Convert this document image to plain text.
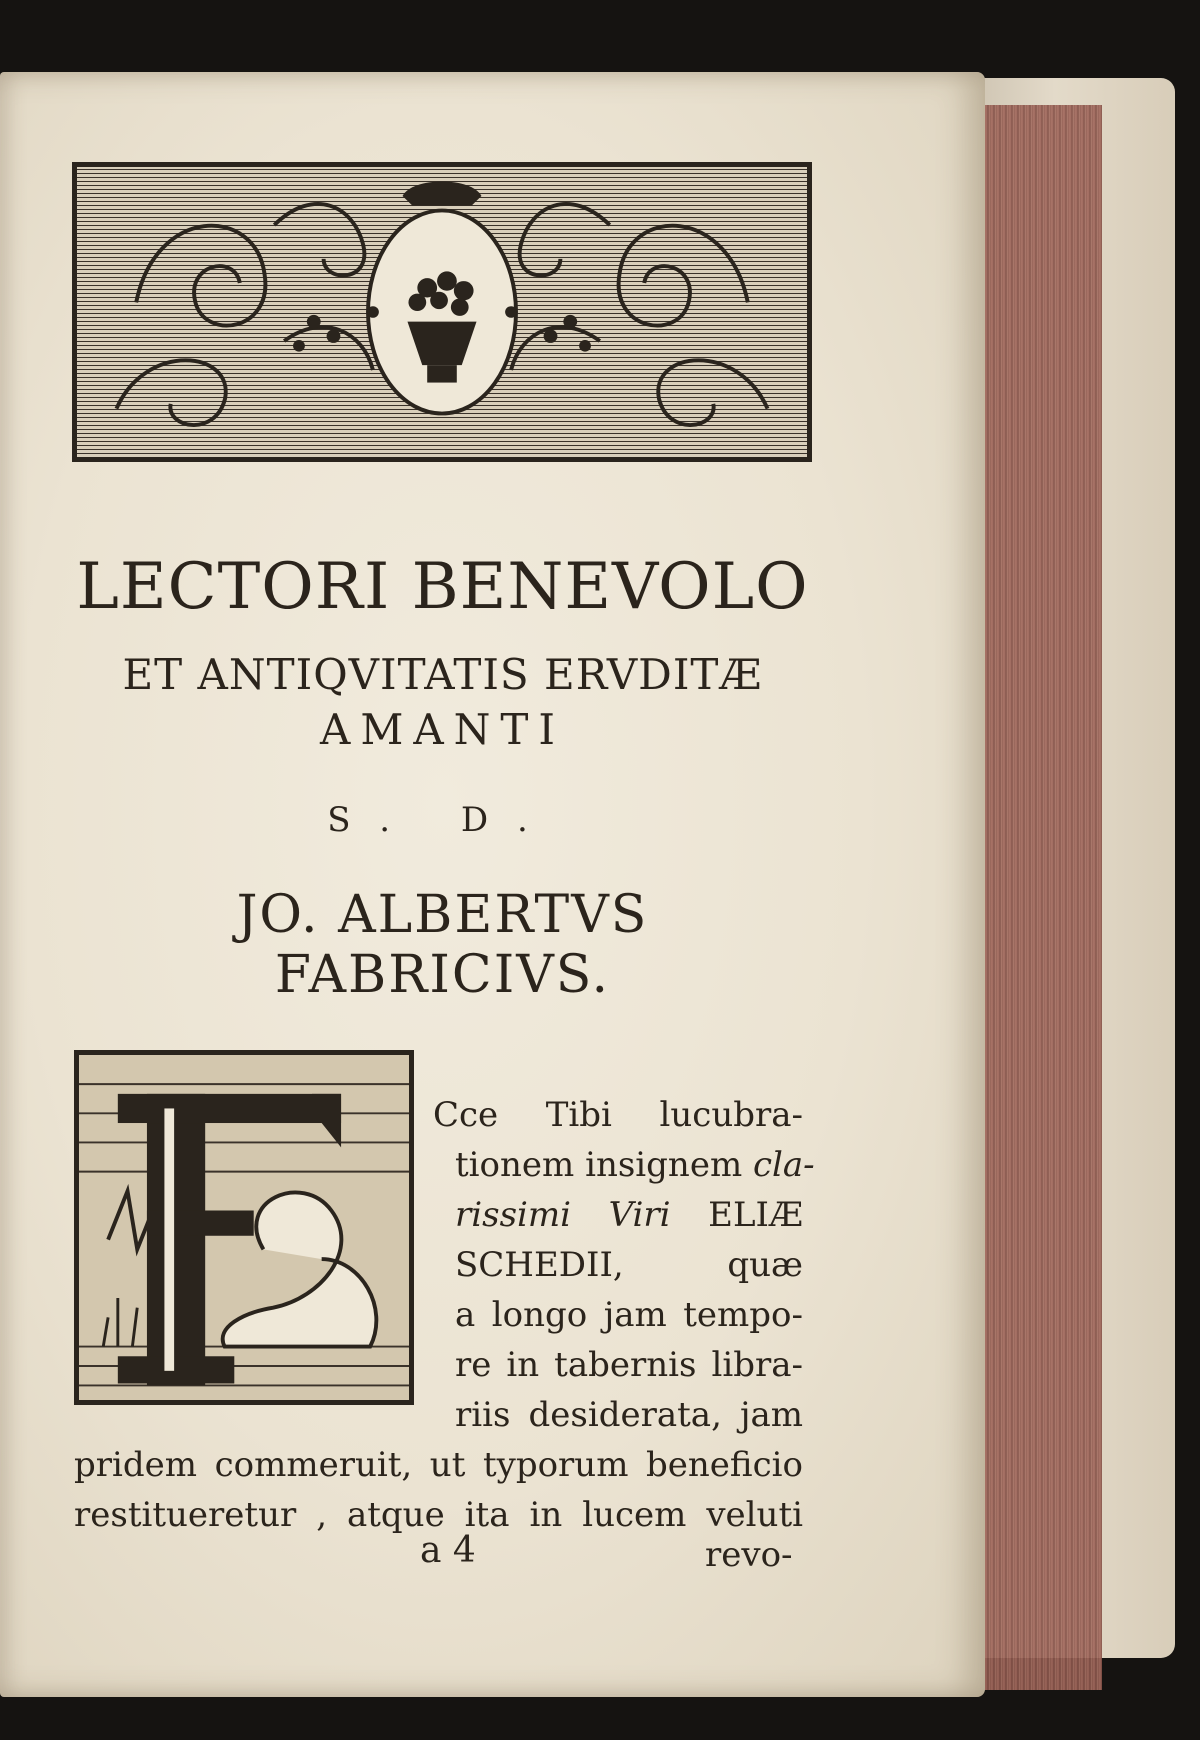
LECTORI BENEVOLO
ET ANTIQVITATIS ERVDITÆ
AMANTI
S. D.
JO. ALBERTVS FABRICIVS.
Cce Tibi lucubra-
tionem insignem cla-
rissimi Viri ELIÆ
SCHEDII, quæ
a longo jam tempo-
re in tabernis libra-
riis desiderata, jam
pridem commeruit, ut typorum beneficio
restitueretur , atque ita in lucem veluti
a 4	revo-
